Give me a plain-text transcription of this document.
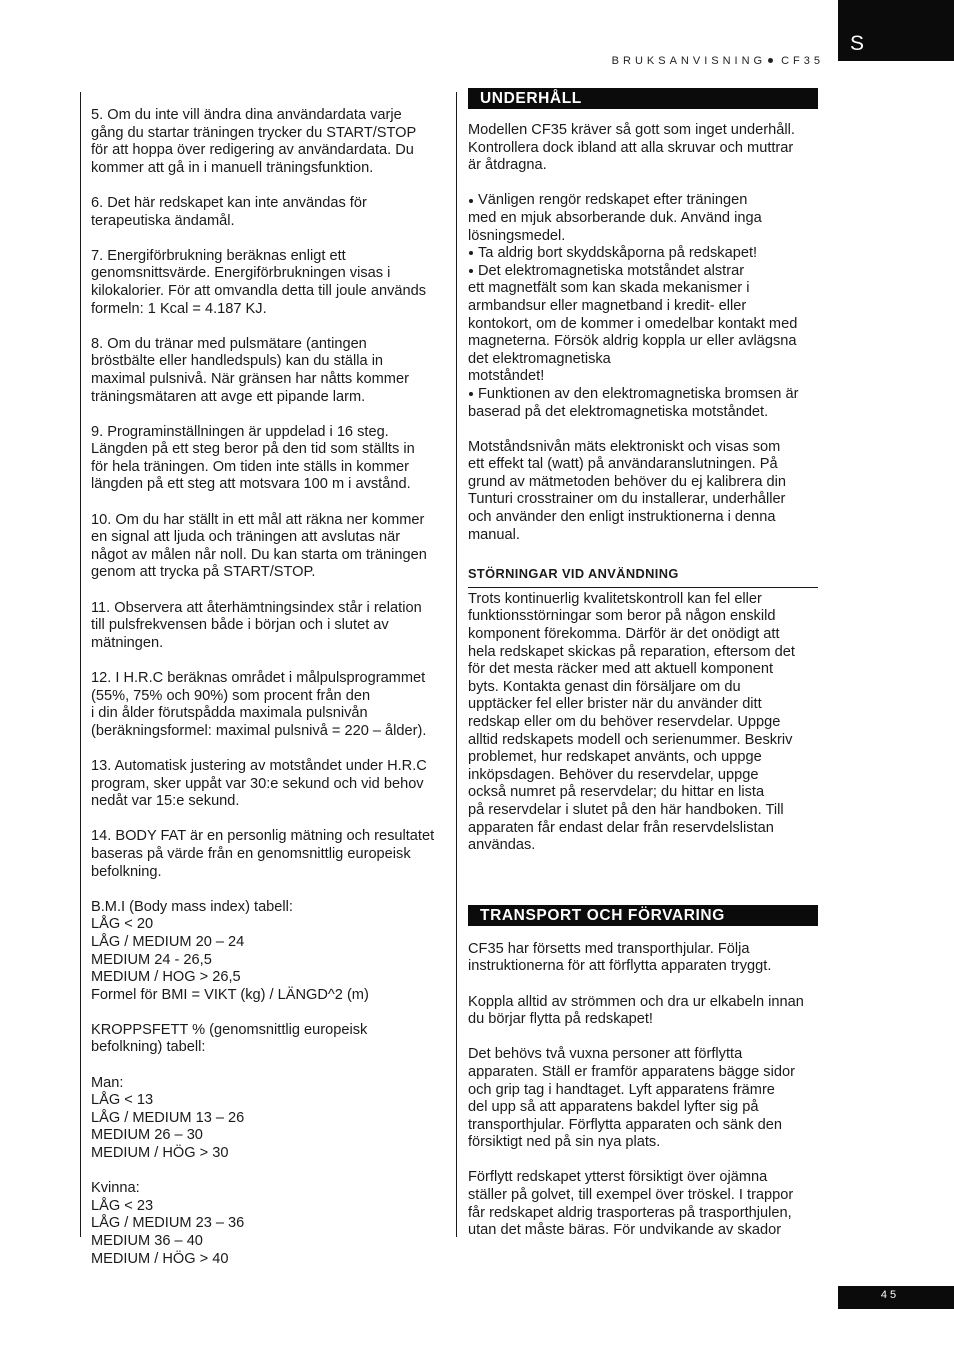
S
BRUKSANVISNING CF35

5. Om du inte vill ändra dina användardata varje
gång du startar träningen trycker du START/STOP
för att hoppa över redigering av användardata. Du
kommer att gå in i manuell träningsfunktion.

6. Det här redskapet kan inte användas för
terapeutiska ändamål.

7. Energiförbrukning beräknas enligt ett
genomsnittsvärde. Energiförbrukningen visas i
kilokalorier. För att omvandla detta till joule används
formeln: 1 Kcal = 4.187 KJ.

8. Om du tränar med pulsmätare (antingen
bröstbälte eller handledspuls) kan du ställa in
maximal pulsnivå. När gränsen har nåtts kommer
träningsmätaren att avge ett pipande larm.

9. Programinställningen är uppdelad i 16 steg.
Längden på ett steg beror på den tid som ställts in
för hela träningen. Om tiden inte ställs in kommer
längden på ett steg att motsvara 100 m i avstånd.

10. Om du har ställt in ett mål att räkna ner kommer
en signal att ljuda och träningen att avslutas när
något av målen når noll. Du kan starta om träningen
genom att trycka på START/STOP.

11. Observera att återhämtningsindex står i relation
till pulsfrekvensen både i början och i slutet av
mätningen.

12. I H.R.C beräknas området i målpulsprogrammet
(55%, 75% och 90%) som procent från den
i din ålder förutspådda maximala pulsnivån
(beräkningsformel: maximal pulsnivå = 220 – ålder).

13. Automatisk justering av motståndet under H.R.C
program, sker uppåt var 30:e sekund och vid behov
nedåt var 15:e sekund.

14. BODY FAT är en personlig mätning och resultatet
baseras på värde från en genomsnittlig europeisk
befolkning.

B.M.I (Body mass index) tabell:
LÅG < 20
LÅG / MEDIUM 20 – 24
MEDIUM 24 - 26,5
MEDIUM / HOG > 26,5
Formel för BMI = VIKT (kg) / LÄNGD^2 (m)

KROPPSFETT % (genomsnittlig europeisk
befolkning) tabell:

Man:
LÅG < 13
LÅG / MEDIUM 13 – 26
MEDIUM 26 – 30
MEDIUM / HÖG > 30

Kvinna:
LÅG < 23
LÅG / MEDIUM 23 – 36
MEDIUM 36 – 40
MEDIUM / HÖG > 40

UNDERHÅLL

Modellen CF35 kräver så gott som inget underhåll.
Kontrollera dock ibland att alla skruvar och muttrar
är åtdragna.

Vänligen rengör redskapet efter träningen
med en mjuk absorberande duk. Använd inga
lösningsmedel.

Ta aldrig bort skyddskåporna på redskapet!

Det elektromagnetiska motståndet alstrar
ett magnetfält som kan skada mekanismer i
armbandsur eller magnetband i kredit- eller
kontokort, om de kommer i omedelbar kontakt med
magneterna. Försök aldrig koppla ur eller avlägsna
det elektromagnetiska
motståndet!

Funktionen av den elektromagnetiska bromsen är
baserad på det elektromagnetiska motståndet.

Motståndsnivån mäts elektroniskt och visas som
ett effekt tal (watt) på användaranslutningen. På
grund av mätmetoden behöver du ej kalibrera din
Tunturi crosstrainer om du installerar, underhåller
och använder den enligt instruktionerna i denna
manual.

STÖRNINGAR VID ANVÄNDNING

Trots kontinuerlig kvalitetskontroll kan fel eller
funktionsstörningar som beror på någon enskild
komponent förekomma. Därför är det onödigt att
hela redskapet skickas på reparation, eftersom det
för det mesta räcker med att aktuell komponent
byts. Kontakta genast din försäljare om du
upptäcker fel eller brister när du använder ditt
redskap eller om du behöver reservdelar. Uppge
alltid redskapets modell och serienummer. Beskriv
problemet, hur redskapet använts, och uppge
inköpsdagen. Behöver du reservdelar, uppge
också numret på reservdelar; du hittar en lista
på reservdelar i slutet på den här handboken. Till
apparaten får endast delar från reservdelslistan
användas.

TRANSPORT OCH FÖRVARING

CF35 har försetts med transporthjular. Följa
instruktionerna för att förflytta apparaten tryggt.

Koppla alltid av strömmen och dra ur elkabeln innan
du börjar flytta på redskapet!

Det behövs två vuxna personer att förflytta
apparaten. Ställ er framför apparatens bägge sidor
och grip tag i handtaget. Lyft apparatens främre
del upp så att apparatens bakdel lyfter sig på
transporthjular. Förflytta apparaten och sänk den
försiktigt ned på sin nya plats.

Förflytt redskapet ytterst försiktigt över ojämna
ställer på golvet, till exempel över tröskel. I trappor
får redskapet aldrig trasporteras på trasporthjulen,
utan det måste bäras. För undvikande av skador

45
